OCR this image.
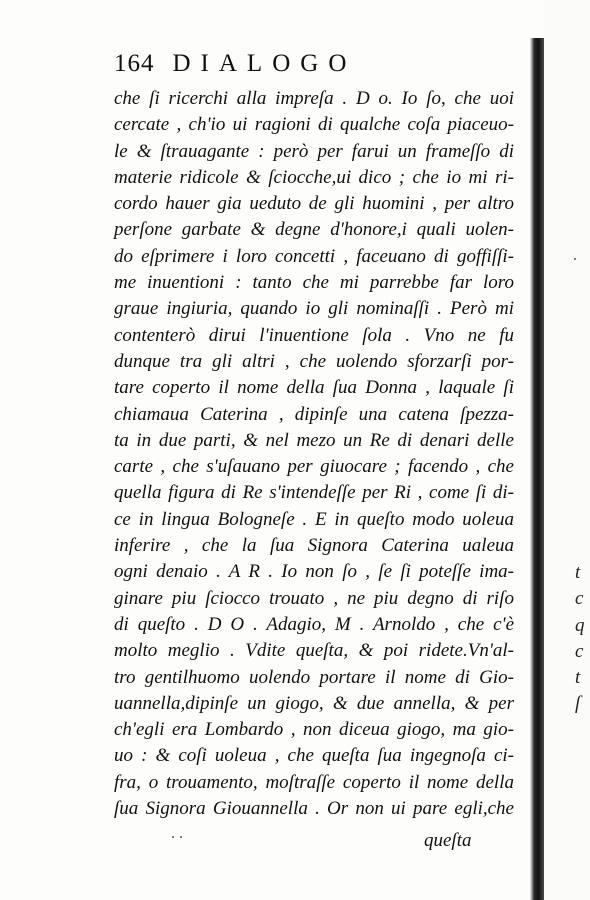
164 DIALOGO
che ſi ricerchi alla impreſa . D o. Io ſo, che uoi
cercate , ch'io ui ragioni di qualche coſa piaceuo-
le & ſtrauagante : però per farui un frameſſo di
materie ridicole & ſciocche,ui dico ; che io mi ri-
cordo hauer gia ueduto de gli huomini , per altro
perſone garbate & degne d'honore,i quali uolen-
do eſprimere i loro concetti , faceuano di goffiſſi-
me inuentioni : tanto che mi parrebbe far loro
graue ingiuria, quando io gli nominaſſi . Però mi
contenterò dirui l'inuentione ſola . Vno ne fu
dunque tra gli altri , che uolendo sforzarſi por-
tare coperto il nome della ſua Donna , laquale ſi
chiamaua Caterina , dipinſe una catena ſpezza-
ta in due parti, & nel mezo un Re di denari delle
carte , che s'uſauano per giuocare ; facendo , che
quella figura di Re s'intendeſſe per Ri , come ſi di-
ce in lingua Bologneſe . E in queſto modo uoleua
inferire , che la ſua Signora Caterina ualeua
ogni denaio . A R . Io non ſo , ſe ſi poteſſe ima-
ginare piu ſciocco trouato , ne piu degno di riſo
di queſto . D O . Adagio, M . Arnoldo , che c'è
molto meglio . Vdite queſta, & poi ridete.Vn'al-
tro gentilhuomo uolendo portare il nome di Gio-
uannella,dipinſe un giogo, & due annella, & per
ch'egli era Lombardo , non diceua giogo, ma gio-
uo : & coſi uoleua , che queſta ſua ingegnoſa ci-
fra, o trouamento, moſtraſſe coperto il nome della
ſua Signora Giouannella . Or non ui pare egli,che
queſta
t
c
q
c
t
ſ
